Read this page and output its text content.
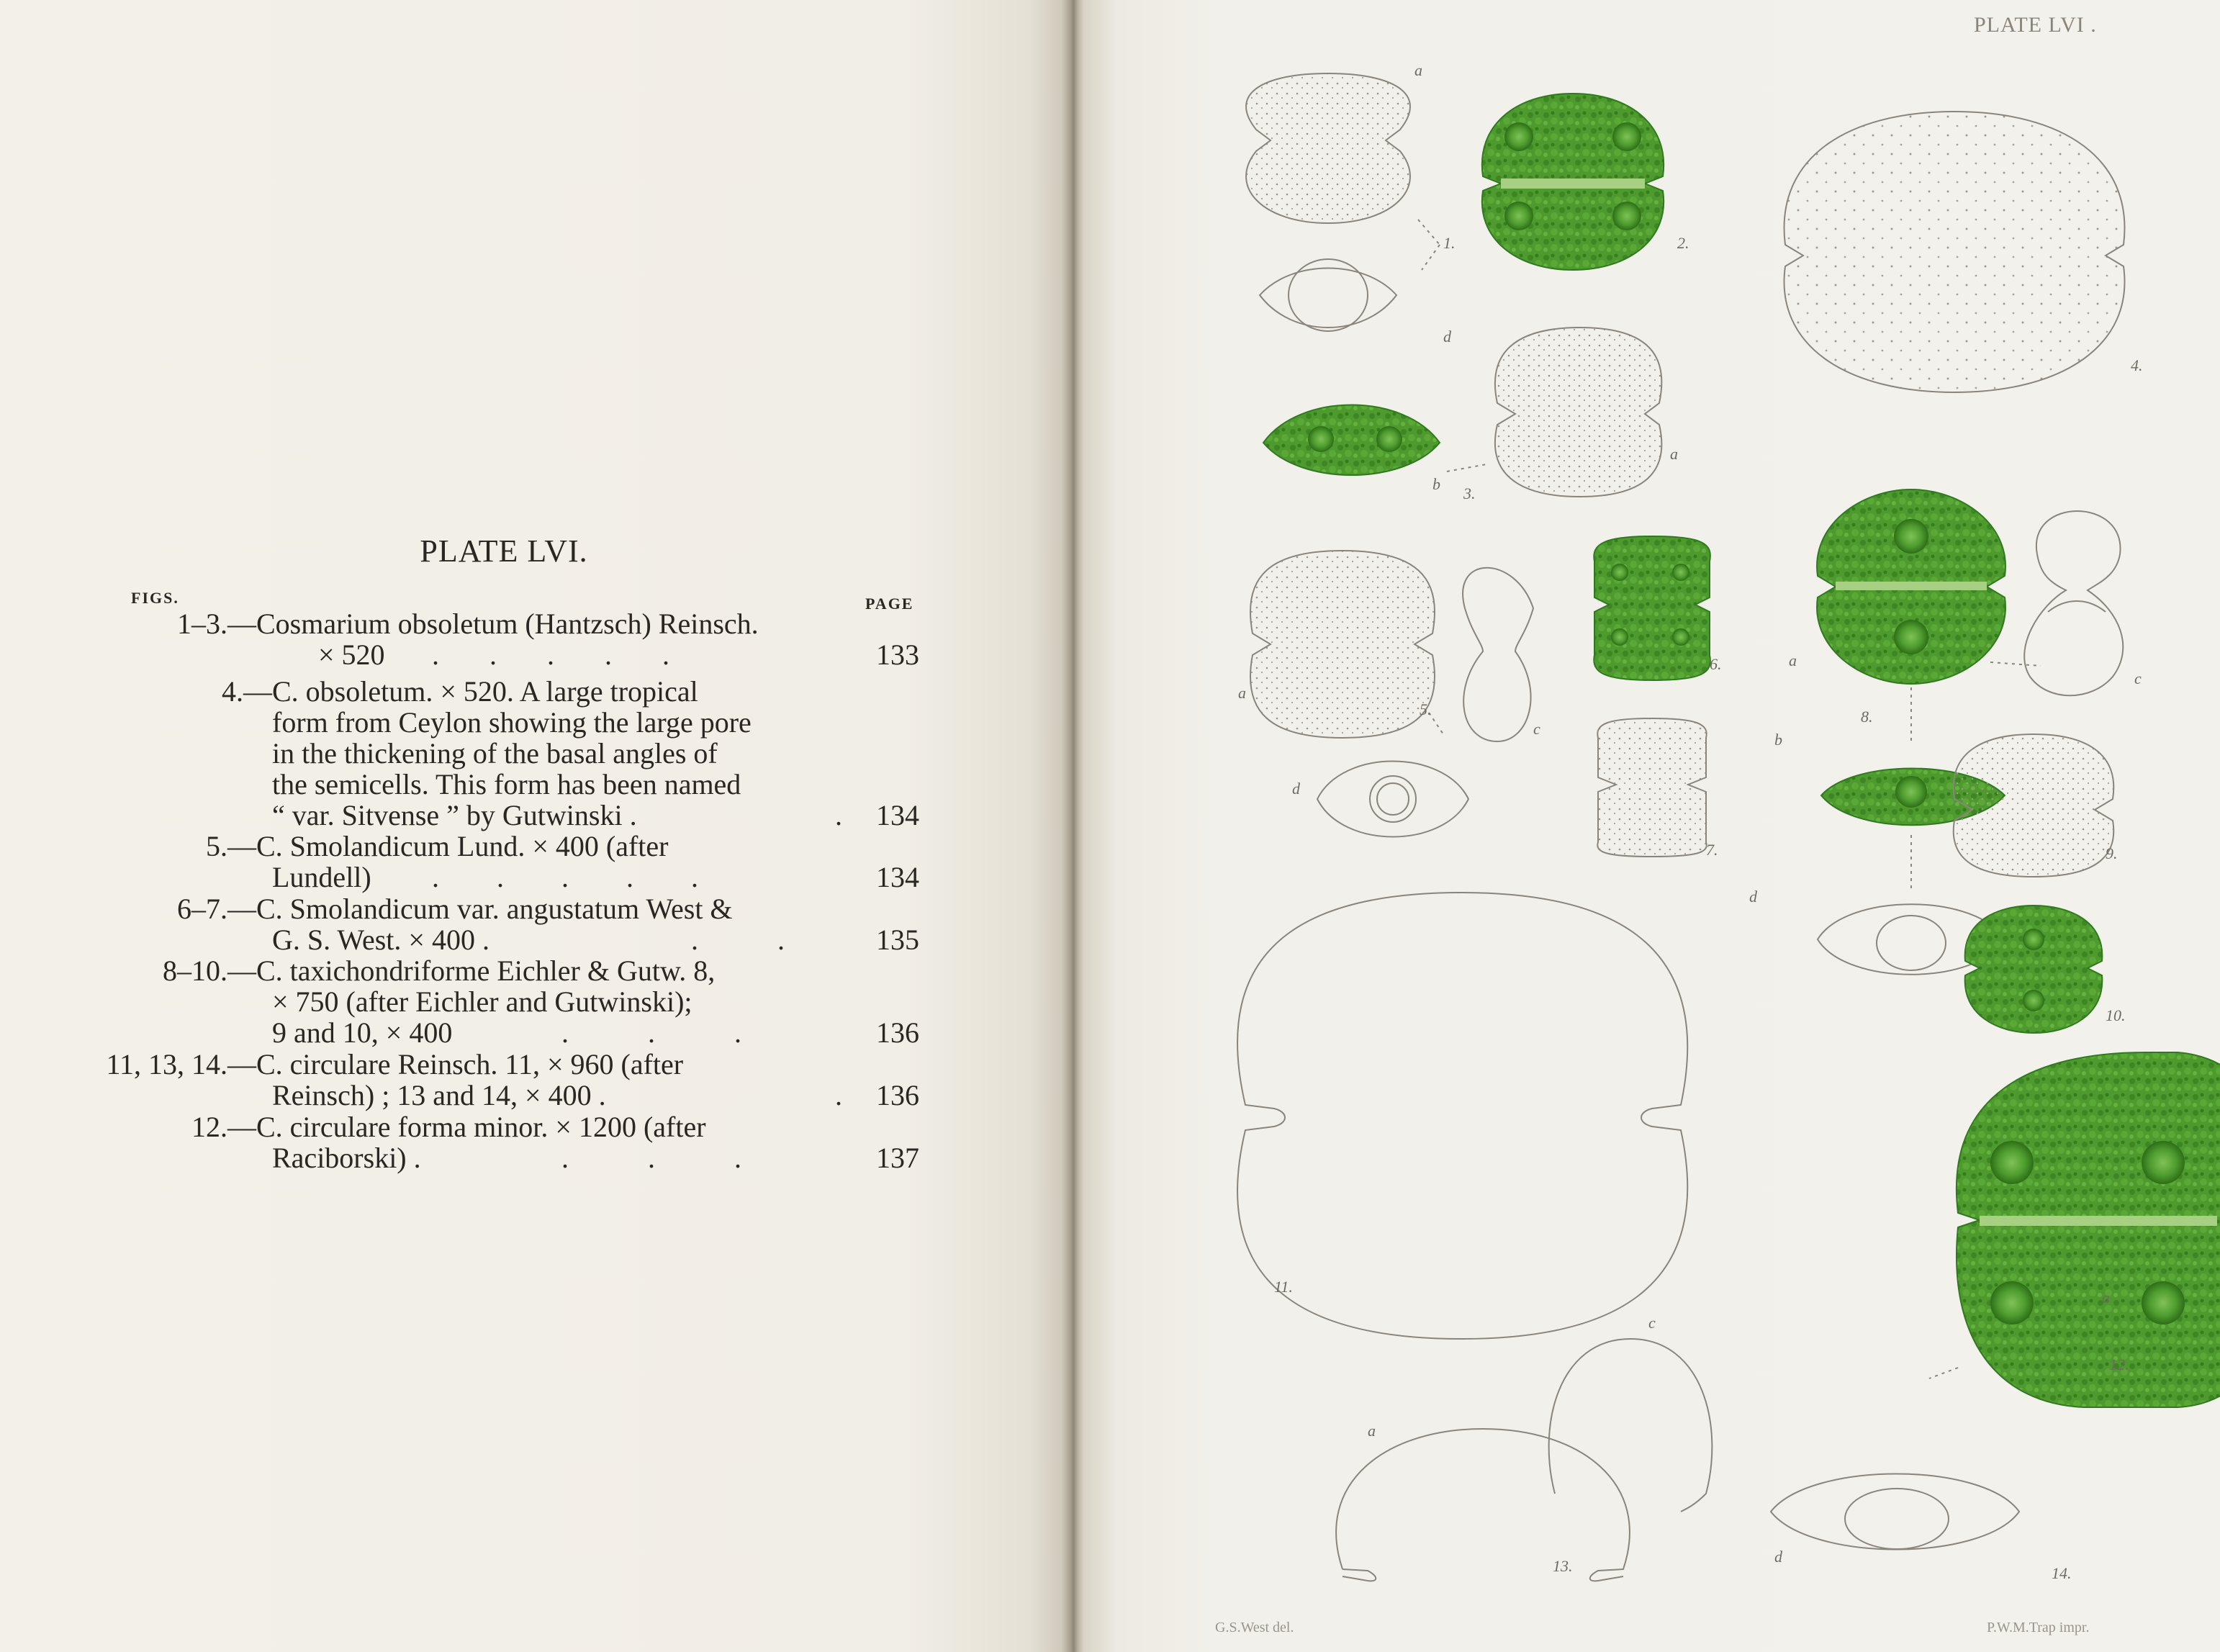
PLATE LVI.
FIGS.	PAGE
1–3.— Cosmarium obsoletum (Hantzsch) Reinsch.
× 520 .       .       .       .       .	133
4.— C. obsoletum. × 520. A large tropical
form from Ceylon showing the large pore
in the thickening of the basal angles of
the semicells. This form has been named
“ var. Sitvense ” by Gutwinski .	. 134
5.— C. Smolandicum Lund. × 400 (after
Lundell) .        .        .        .        .	134
6–7.— C. Smolandicum var. angustatum West &
G. S. West. × 400 .	.           .	135
8–10.— C. taxichondriforme Eichler & Gutw. 8,
× 750 (after Eichler and Gutwinski);
9 and 10, × 400	.           .           .	136
11, 13, 14.— C. circulare Reinsch. 11, × 960 (after
Reinsch) ; 13 and 14, × 400 .	. 136
12.— C. circulare forma minor. × 1200 (after
Raciborski) .	.           .           .	137
PLATE LVI .
G.S.West del.	P.W.M.Trap impr.
a
1.
d
2.
4.
b
3.
a
a
5.
c
d
6.
7.
a
8.
b
c
9.
d
10.
11.
a
12.
c
a
13.
d
14.
